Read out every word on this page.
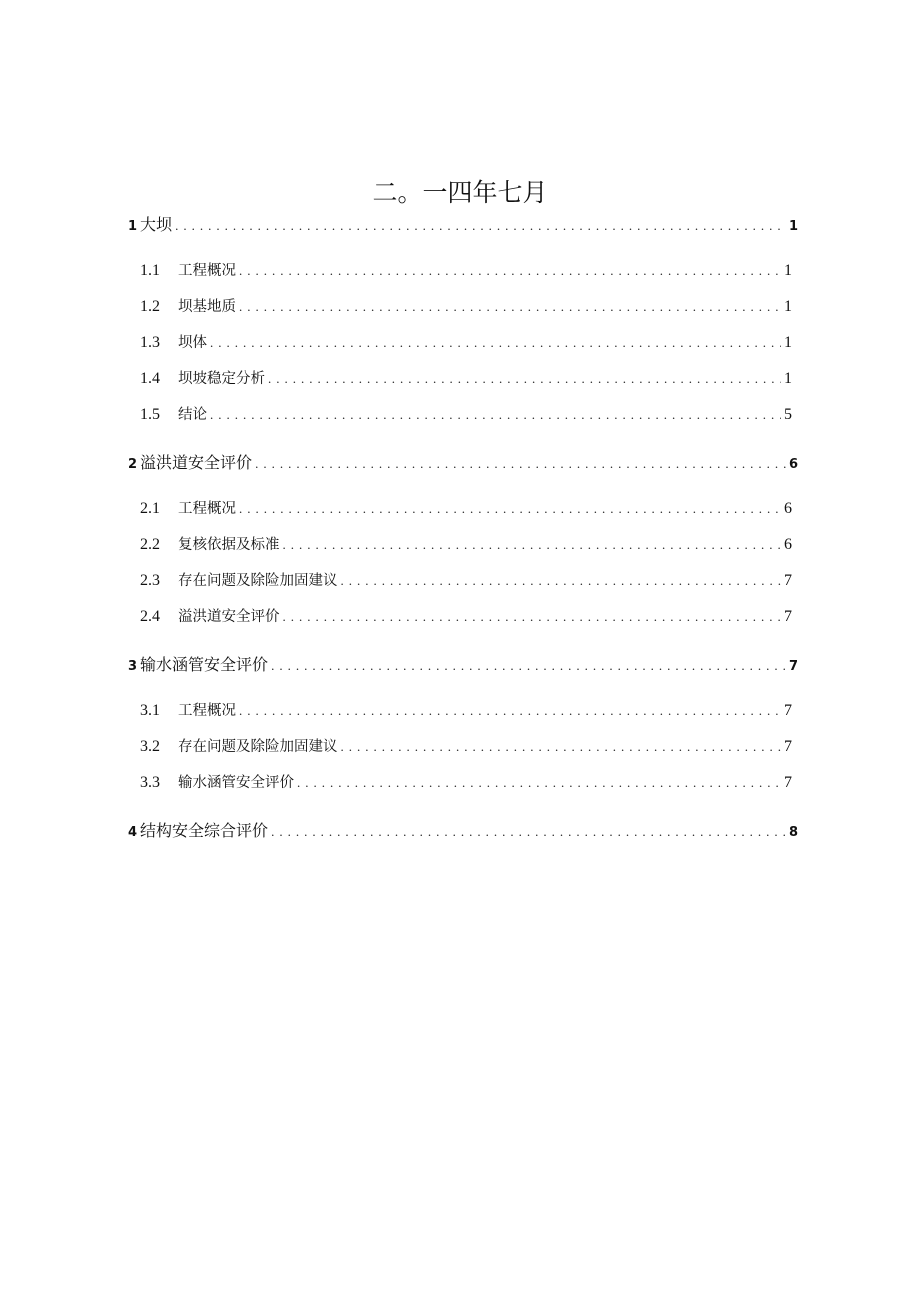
二。一四年七月
1 大坝 .....	1
1.1	工程概况 .....	1
1.2	坝基地质 .....	1
1.3	坝体 .....	1
1.4	坝坡稳定分析 .....	1
1.5	结论 .....	5
2 溢洪道安全评价 .....	6
2.1	工程概况 .....	6
2.2	复核依据及标准 .....	6
2.3	存在问题及除险加固建议 .....	7
2.4	溢洪道安全评价 .....	7
3 输水涵管安全评价 .....	7
3.1	工程概况 .....	7
3.2	存在问题及除险加固建议 .....	7
3.3	输水涵管安全评价 .....	7
4 结构安全综合评价 .....	8
